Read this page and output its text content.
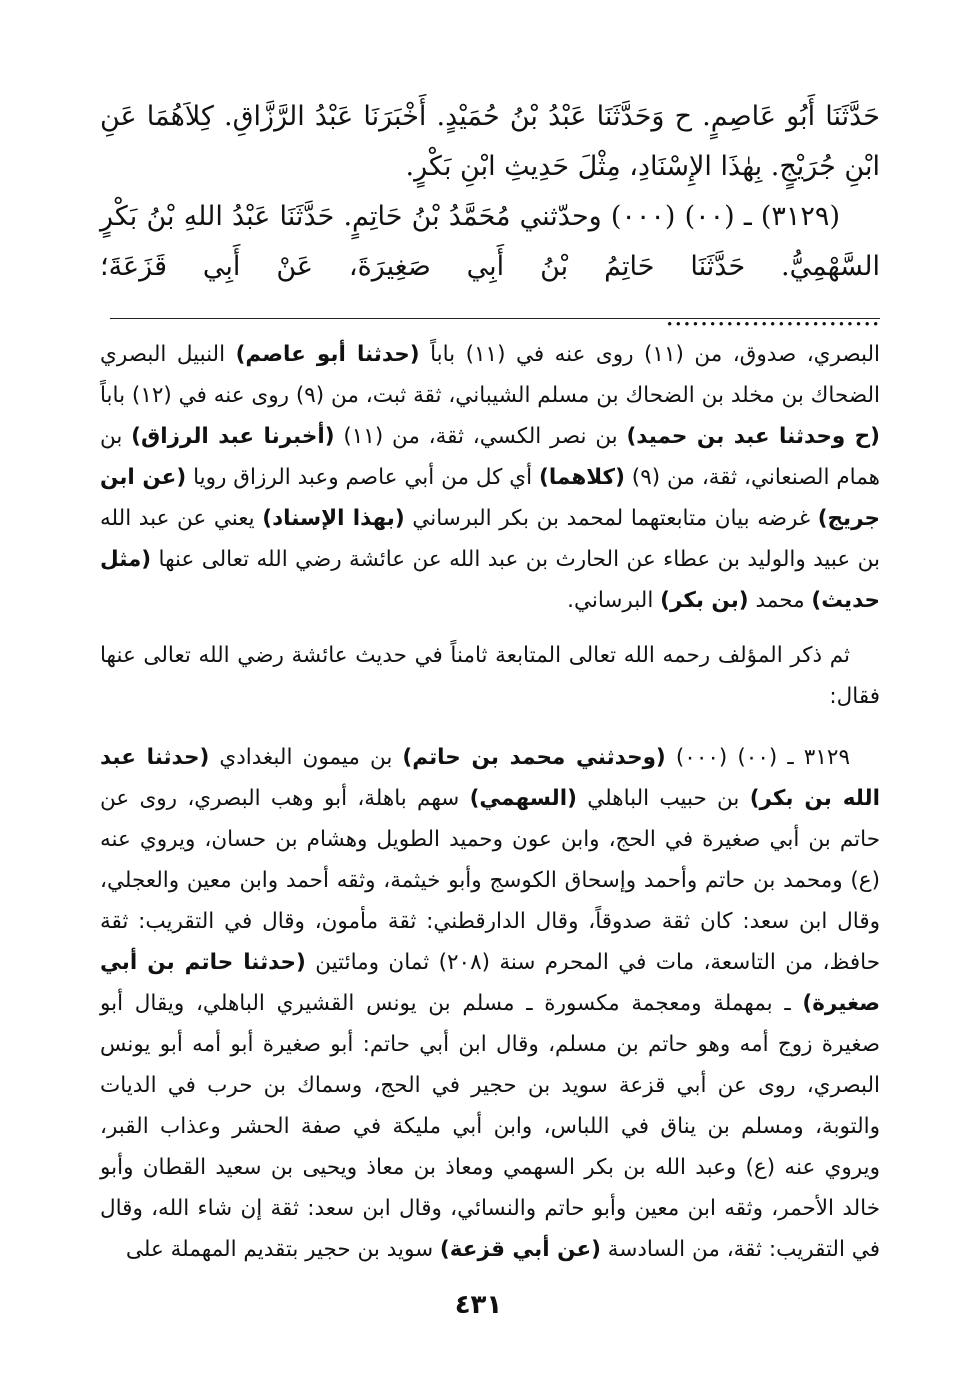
حَدَّثَنَا أَبُو عَاصِمٍ. ح وَحَدَّثَنَا عَبْدُ بْنُ حُمَيْدٍ. أَخْبَرَنَا عَبْدُ الرَّزَّاقِ. كِلاَهُمَا عَنِ ابْنِ جُرَيْجٍ. بِهٰذَا الإِسْنَادِ، مِثْلَ حَدِيثِ ابْنِ بَكْرٍ.

(٣١٢٩) ـ (٠٠) (٠٠٠) وحدّثني مُحَمَّدُ بْنُ حَاتِمٍ. حَدَّثَنَا عَبْدُ اللهِ بْنُ بَكْرٍ السَّهْمِيُّ. حَدَّثَنَا حَاتِمُ بْنُ أَبِي صَغِيرَةَ، عَنْ أَبِي قَزَعَةَ؛ .........................

البصري، صدوق، من (١١) روى عنه في (١١) باباً (حدثنا أبو عاصم) النبيل البصري الضحاك بن مخلد بن الضحاك بن مسلم الشيباني، ثقة ثبت، من (٩) روى عنه في (١٢) باباً (ح وحدثنا عبد بن حميد) بن نصر الكسي، ثقة، من (١١) (أخبرنا عبد الرزاق) بن همام الصنعاني، ثقة، من (٩) (كلاهما) أي كل من أبي عاصم وعبد الرزاق رويا (عن ابن جريج) غرضه بيان متابعتهما لمحمد بن بكر البرساني (بهذا الإسناد) يعني عن عبد الله بن عبيد والوليد بن عطاء عن الحارث بن عبد الله عن عائشة رضي الله تعالى عنها (مثل حديث) محمد (بن بكر) البرساني.

ثم ذكر المؤلف رحمه الله تعالى المتابعة ثامناً في حديث عائشة رضي الله تعالى عنها فقال:

٣١٢٩ ـ (٠٠) (٠٠٠) (وحدثني محمد بن حاتم) بن ميمون البغدادي (حدثنا عبد الله بن بكر) بن حبيب الباهلي (السهمي) سهم باهلة، أبو وهب البصري، روى عن حاتم بن أبي صغيرة في الحج، وابن عون وحميد الطويل وهشام بن حسان، ويروي عنه (ع) ومحمد بن حاتم وأحمد وإسحاق الكوسج وأبو خيثمة، وثقه أحمد وابن معين والعجلي، وقال ابن سعد: كان ثقة صدوقاً، وقال الدارقطني: ثقة مأمون، وقال في التقريب: ثقة حافظ، من التاسعة، مات في المحرم سنة (٢٠٨) ثمان ومائتين (حدثنا حاتم بن أبي صغيرة) ـ بمهملة ومعجمة مكسورة ـ مسلم بن يونس القشيري الباهلي، ويقال أبو صغيرة زوج أمه وهو حاتم بن مسلم، وقال ابن أبي حاتم: أبو صغيرة أبو أمه أبو يونس البصري، روى عن أبي قزعة سويد بن حجير في الحج، وسماك بن حرب في الديات والتوبة، ومسلم بن يناق في اللباس، وابن أبي مليكة في صفة الحشر وعذاب القبر، ويروي عنه (ع) وعبد الله بن بكر السهمي ومعاذ بن معاذ ويحيى بن سعيد القطان وأبو خالد الأحمر، وثقه ابن معين وأبو حاتم والنسائي، وقال ابن سعد: ثقة إن شاء الله، وقال في التقريب: ثقة، من السادسة (عن أبي قزعة) سويد بن حجير بتقديم المهملة على

٤٣١
